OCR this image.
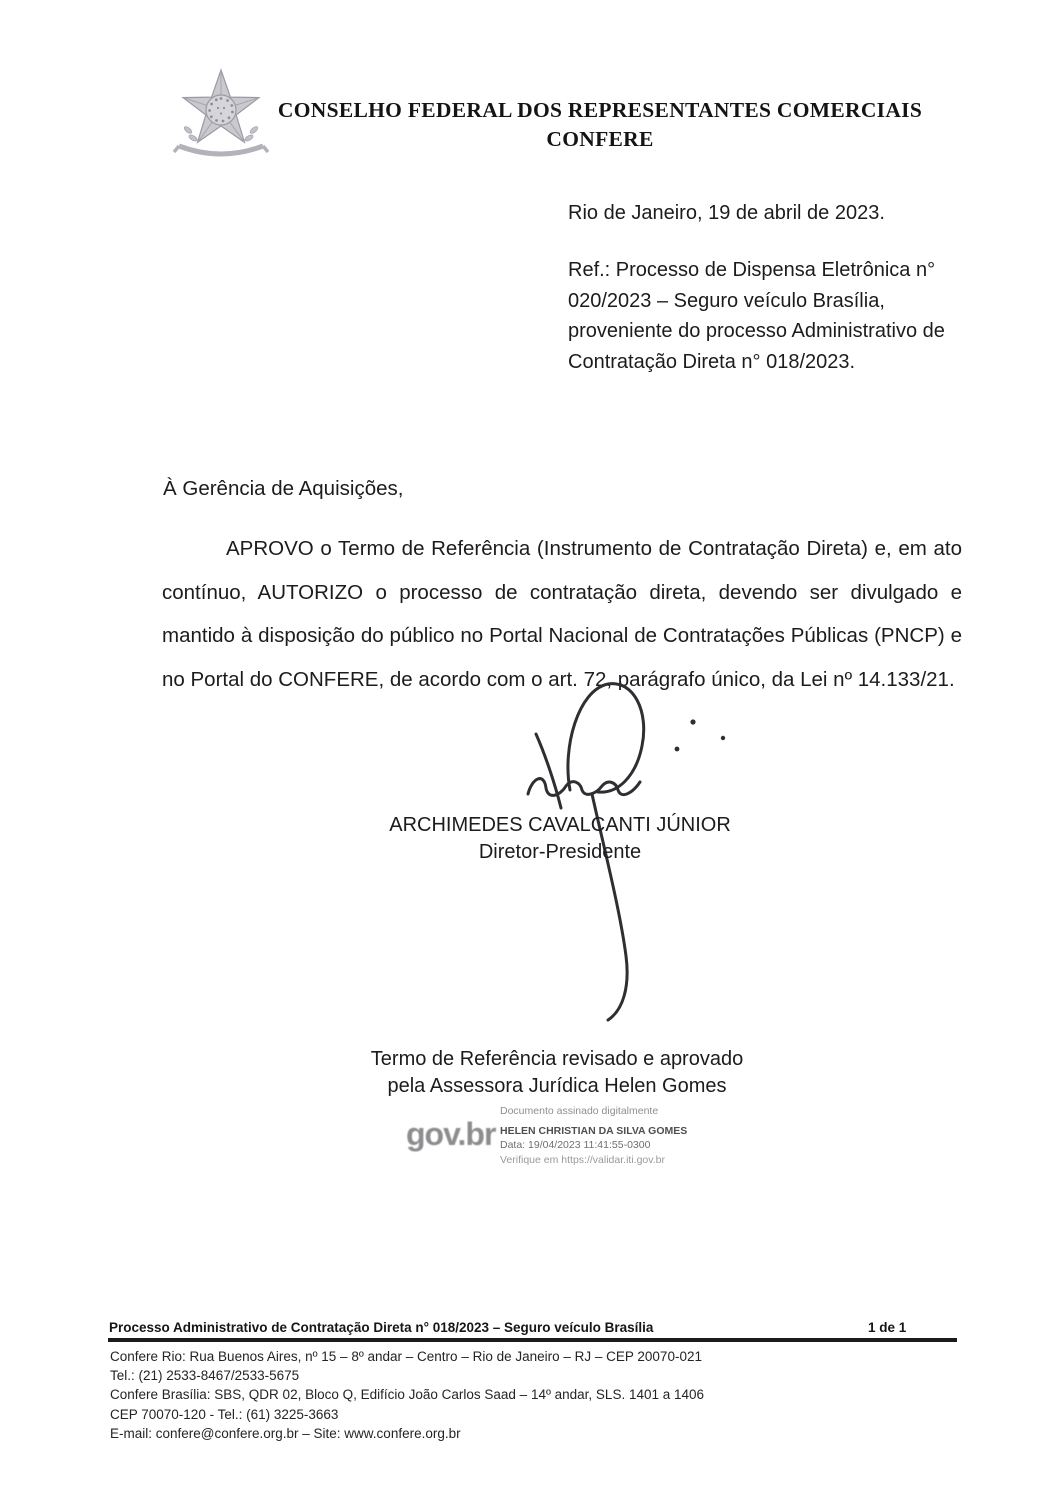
CONSELHO FEDERAL DOS REPRESENTANTES COMERCIAIS
CONFERE
Rio de Janeiro, 19 de abril de 2023.
Ref.: Processo de Dispensa Eletrônica n° 020/2023 – Seguro veículo Brasília, proveniente do processo Administrativo de Contratação Direta n° 018/2023.
À Gerência de Aquisições,
APROVO o Termo de Referência (Instrumento de Contratação Direta) e, em ato contínuo, AUTORIZO o processo de contratação direta, devendo ser divulgado e mantido à disposição do público no Portal Nacional de Contratações Públicas (PNCP) e no Portal do CONFERE, de acordo com o art. 72, parágrafo único, da Lei nº 14.133/21.
ARCHIMEDES CAVALCANTI JÚNIOR
Diretor-Presidente
Termo de Referência revisado e aprovado
pela Assessora Jurídica Helen Gomes
gov.br
Documento assinado digitalmente
HELEN CHRISTIAN DA SILVA GOMES
Data: 19/04/2023 11:41:55-0300
Verifique em https://validar.iti.gov.br
Processo Administrativo de Contratação Direta n° 018/2023 – Seguro veículo Brasília	1 de 1
Confere Rio: Rua Buenos Aires, nº 15 – 8º andar – Centro – Rio de Janeiro – RJ – CEP 20070-021
Tel.: (21) 2533-8467/2533-5675
Confere Brasília: SBS, QDR 02, Bloco Q, Edifício João Carlos Saad – 14º andar, SLS. 1401 a 1406
CEP 70070-120 - Tel.: (61) 3225-3663
E-mail: confere@confere.org.br – Site: www.confere.org.br
